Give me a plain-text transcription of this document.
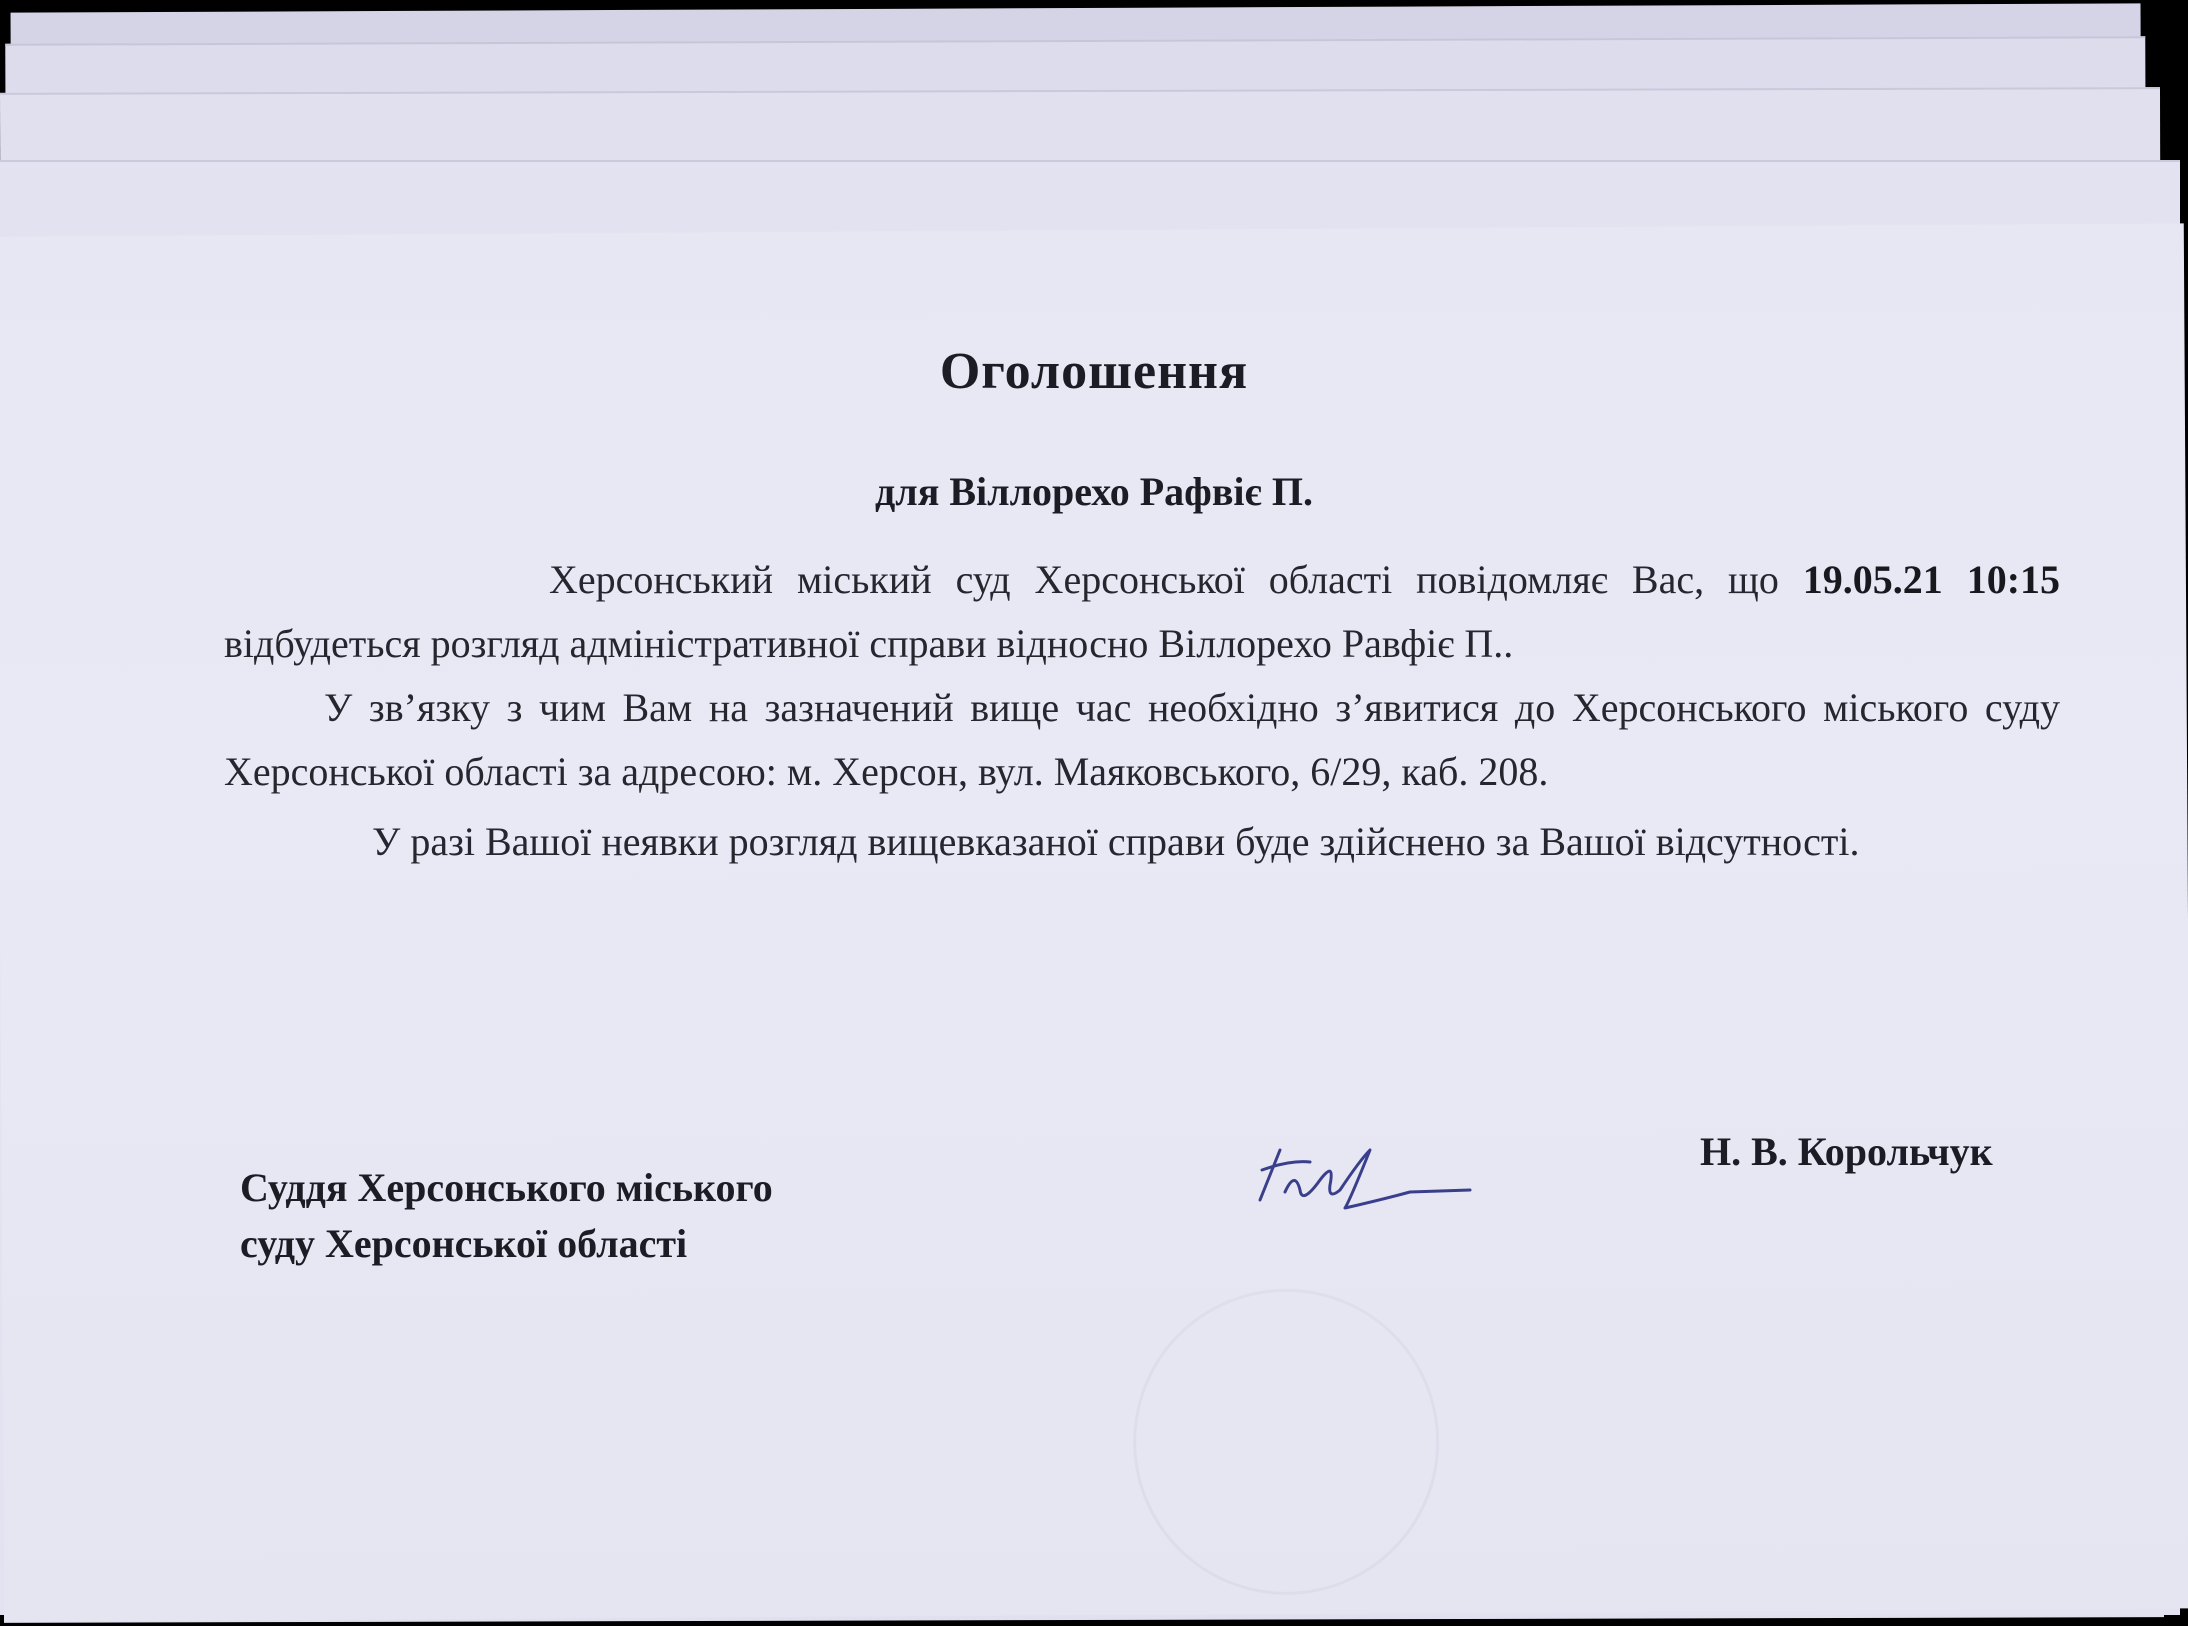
Оголошення
для Віллорехо Рафвіє П.

Херсонський міський суд Херсонської області повідомляє Вас, що 19.05.21 10:15 відбудеться розгляд адміністративної справи відносно Віллорехо Равфіє П..

У зв’язку з чим Вам на зазначений вище час необхідно з’явитися до Херсонського міського суду Херсонської області за адресою: м. Херсон, вул. Маяковського, 6/29, каб. 208.

У разі Вашої неявки розгляд вищевказаної справи буде здійснено за Вашої відсутності.

Суддя Херсонського міського
суду Херсонської області
Н. В. Корольчук
